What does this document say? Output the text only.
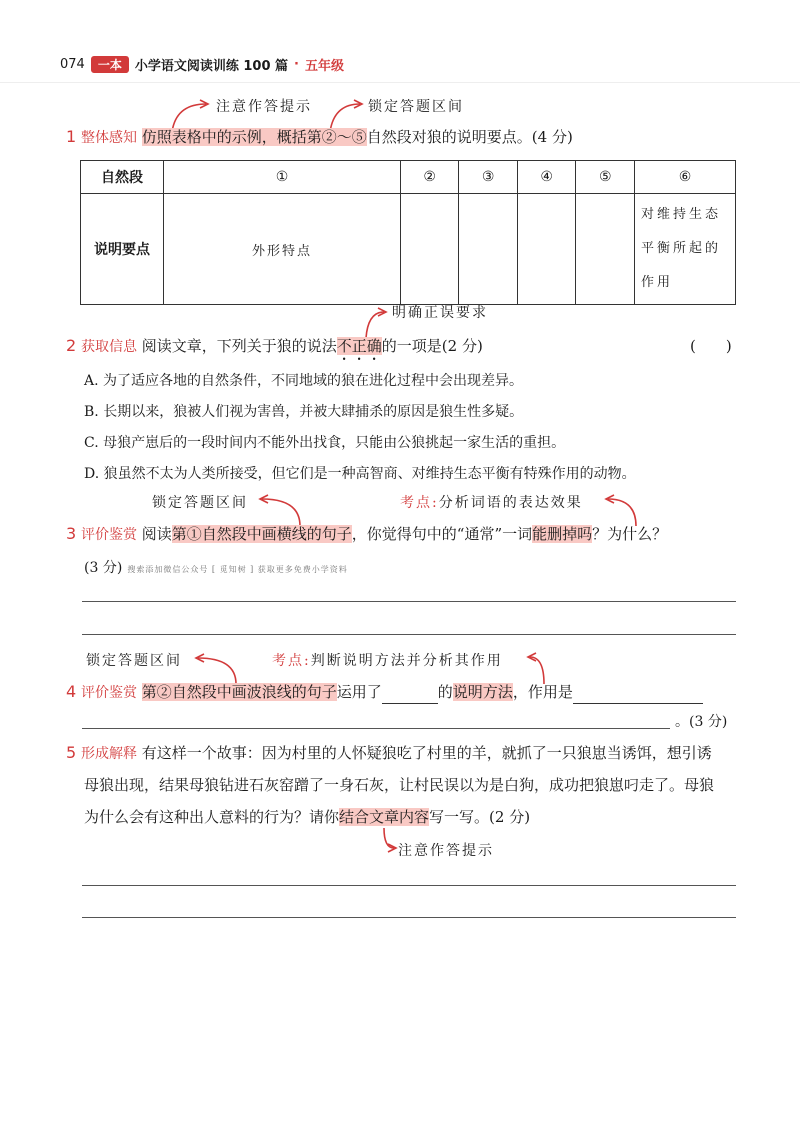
074	一本	小学语文阅读训练 100 篇 · 五年级
注意作答提示	锁定答题区间
1 整体感知 仿照表格中的示例，概括第②～⑤自然段对狼的说明要点。(4 分)
自然段	①	②	③	④	⑤	⑥
说明要点	外形特点					对维持生态平衡所起的作用
明确正误要求
2 获取信息 阅读文章，下列关于狼的说法不正确的一项是(2 分)	(　　)
A. 为了适应各地的自然条件，不同地域的狼在进化过程中会出现差异。
B. 长期以来，狼被人们视为害兽，并被大肆捕杀的原因是狼生性多疑。
C. 母狼产崽后的一段时间内不能外出找食，只能由公狼挑起一家生活的重担。
D. 狼虽然不太为人类所接受，但它们是一种高智商、对维持生态平衡有特殊作用的动物。
锁定答题区间	考点:分析词语的表达效果
3 评价鉴赏 阅读第①自然段中画横线的句子，你觉得句中的“通常”一词能删掉吗？为什么？
(3 分) 搜索添加微信公众号 [ 觅知树 ] 获取更多免费小学资料
锁定答题区间	考点:判断说明方法并分析其作用
4 评价鉴赏 第②自然段中画波浪线的句子运用了	的说明方法，作用是
。(3 分)
5 形成解释 有这样一个故事：因为村里的人怀疑狼吃了村里的羊，就抓了一只狼崽当诱饵，想引诱
母狼出现，结果母狼钻进石灰窑蹭了一身石灰，让村民误以为是白狗，成功把狼崽叼走了。母狼
为什么会有这种出人意料的行为？请你结合文章内容写一写。(2 分)
注意作答提示
